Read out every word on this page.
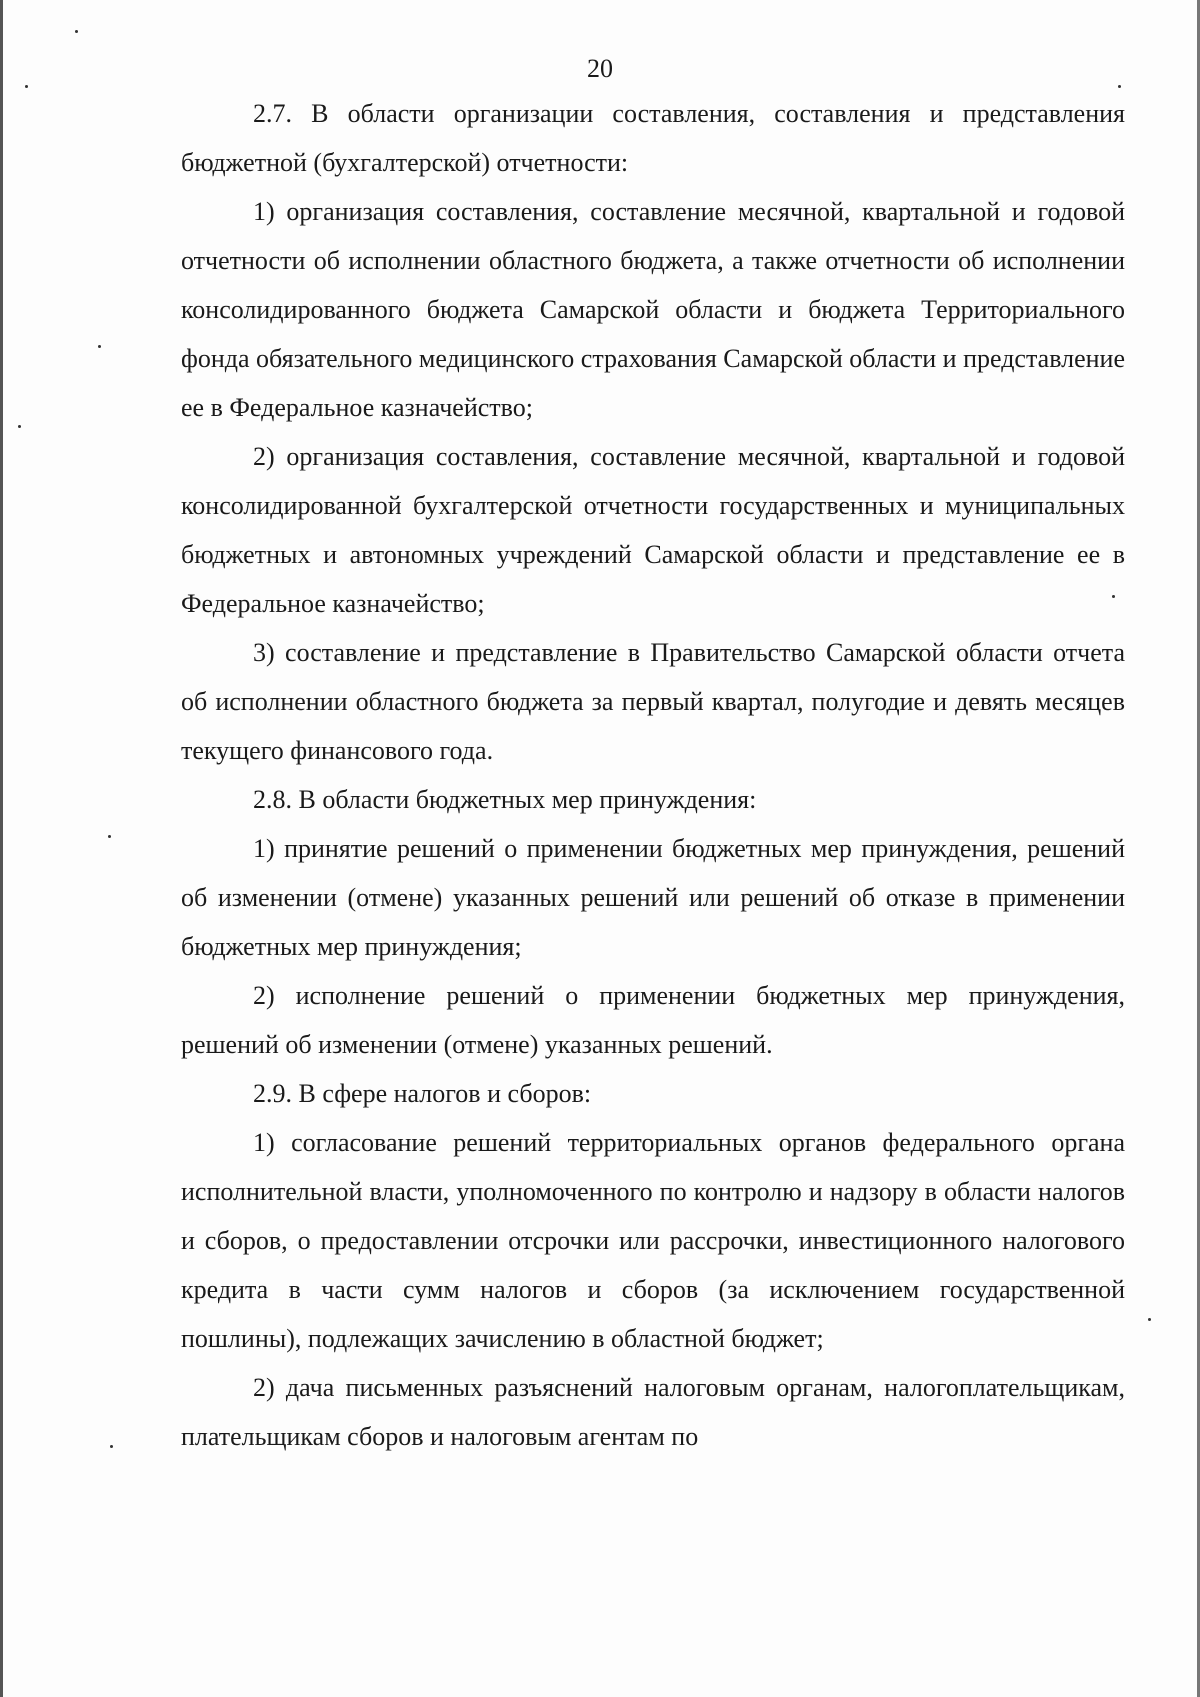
20

2.7. В области организации составления, составления и представления бюджетной (бухгалтерской) отчетности:

1) организация составления, составление месячной, квартальной и годовой отчетности об исполнении областного бюджета, а также отчетности об исполнении консолидированного бюджета Самарской области и бюджета Территориального фонда обязательного медицинского страхования Самарской области и представление ее в Федеральное казначейство;

2) организация составления, составление месячной, квартальной и годовой консолидированной бухгалтерской отчетности государственных и муниципальных бюджетных и автономных учреждений Самарской области и представление ее в Федеральное казначейство;

3) составление и представление в Правительство Самарской области отчета об исполнении областного бюджета за первый квартал, полугодие и девять месяцев текущего финансового года.

2.8. В области бюджетных мер принуждения:

1) принятие решений о применении бюджетных мер принуждения, решений об изменении (отмене) указанных решений или решений об отказе в применении бюджетных мер принуждения;

2) исполнение решений о применении бюджетных мер принуждения, решений об изменении (отмене) указанных решений.

2.9. В сфере налогов и сборов:

1) согласование решений территориальных органов федерального органа исполнительной власти, уполномоченного по контролю и надзору в области налогов и сборов, о предоставлении отсрочки или рассрочки, инвестиционного налогового кредита в части сумм налогов и сборов (за исключением государственной пошлины), подлежащих зачислению в областной бюджет;

2) дача письменных разъяснений налоговым органам, налогоплательщикам, плательщикам сборов и налоговым агентам по
